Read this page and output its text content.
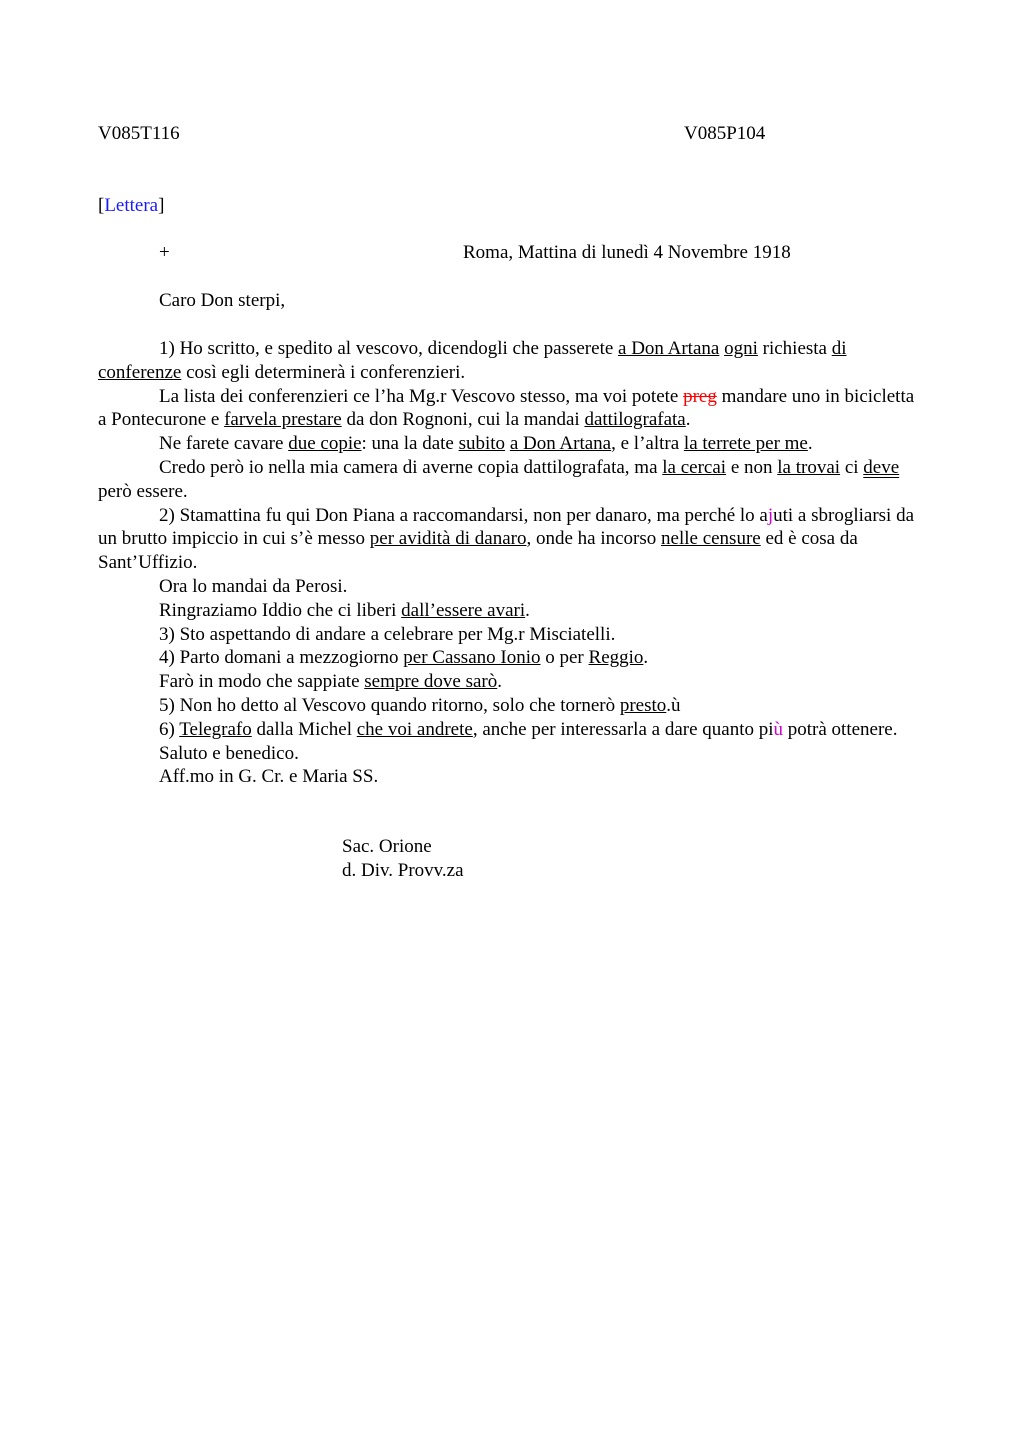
V085T116	V085P104
[Lettera]
+	Roma, Mattina di lunedì 4 Novembre 1918
Caro Don sterpi,

1) Ho scritto, e spedito al vescovo, dicendogli che passerete a Don Artana ogni richiesta di conferenze così egli determinerà i conferenzieri.

La lista dei conferenzieri ce l’ha Mg.r Vescovo stesso, ma voi potete preg mandare uno in bicicletta a Pontecurone e farvela prestare da don Rognoni, cui la mandai dattilografata.

Ne farete cavare due copie: una la date subito a Don Artana, e l’altra la terrete per me.

Credo però io nella mia camera di averne copia dattilografata, ma la cercai e non la trovai ci deve però essere.

2) Stamattina fu qui Don Piana a raccomandarsi, non per danaro, ma perché lo ajuti a sbrogliarsi da un brutto impiccio in cui s’è messo per avidità di danaro, onde ha incorso nelle censure ed è cosa da Sant’Uffizio.

Ora lo mandai da Perosi.

Ringraziamo Iddio che ci liberi dall’essere avari.

3) Sto aspettando di andare a celebrare per Mg.r Misciatelli.

4) Parto domani a mezzogiorno per Cassano Ionio o per Reggio.

Farò in modo che sappiate sempre dove sarò.

5) Non ho detto al Vescovo quando ritorno, solo che tornerò presto.ù

6) Telegrafo dalla Michel che voi andrete, anche per interessarla a dare quanto più potrà ottenere.

Saluto e benedico.

Aff.mo in G. Cr. e Maria SS.

Sac. Orione
d. Div. Provv.za
